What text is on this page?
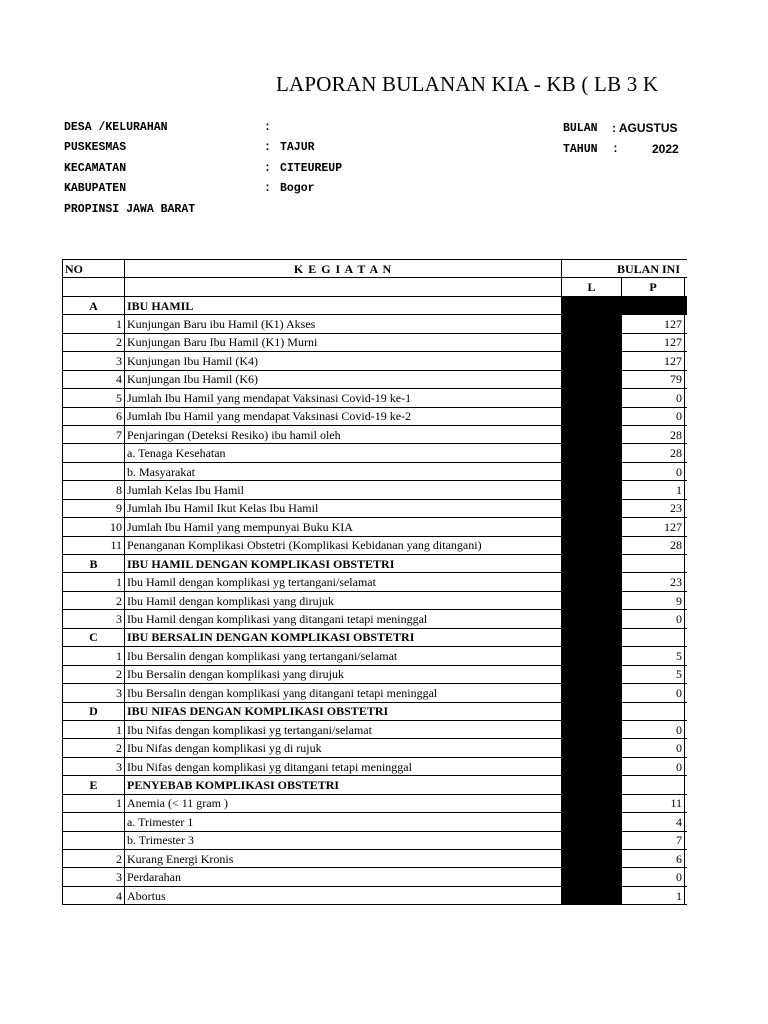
LAPORAN BULANAN KIA - KB ( LB 3 K
DESA /KELURAHAN	:
PUSKESMAS	: TAJUR
KECAMATAN	: CITEUREUP
KABUPATEN	: Bogor
PROPINSI JAWA BARAT
BULAN : AGUSTUS
TAHUN :	2022
NO	K E G I A T A N	BULAN INI		
		L	P	
A	IBU HAMIL			
1	Kunjungan Baru ibu Hamil (K1) Akses		127	
2	Kunjungan Baru Ibu Hamil (K1) Murni		127	
3	Kunjungan Ibu Hamil (K4)		127	
4	Kunjungan Ibu Hamil (K6)		79	
5	Jumlah Ibu Hamil yang mendapat Vaksinasi Covid-19 ke-1		0	
6	Jumlah Ibu Hamil yang mendapat Vaksinasi Covid-19 ke-2		0	
7	Penjaringan (Deteksi Resiko) ibu hamil oleh		28	
	a. Tenaga Kesehatan		28	
	b. Masyarakat		0	
8	Jumlah Kelas Ibu Hamil		1	
9	Jumlah Ibu Hamil Ikut Kelas Ibu Hamil		23	
10	Jumlah Ibu Hamil yang mempunyai Buku KIA		127	
11	Penanganan Komplikasi Obstetri (Komplikasi Kebidanan yang ditangani)		28	
B	IBU HAMIL DENGAN KOMPLIKASI OBSTETRI			
1	Ibu Hamil dengan komplikasi yg tertangani/selamat		23	
2	Ibu Hamil dengan komplikasi yang dirujuk		9	
3	Ibu Hamil dengan komplikasi yang ditangani tetapi meninggal		0	
C	IBU BERSALIN DENGAN KOMPLIKASI OBSTETRI			
1	Ibu Bersalin dengan komplikasi yang tertangani/selamat		5	
2	Ibu Bersalin dengan komplikasi yang dirujuk		5	
3	Ibu Bersalin dengan komplikasi yang ditangani tetapi meninggal		0	
D	IBU NIFAS DENGAN KOMPLIKASI OBSTETRI			
1	Ibu Nifas dengan komplikasi yg tertangani/selamat		0	
2	Ibu Nifas dengan komplikasi yg di rujuk		0	
3	Ibu Nifas dengan komplikasi yg ditangani tetapi meninggal		0	
E	PENYEBAB KOMPLIKASI OBSTETRI			
1	Anemia (< 11 gram )		11	
	a. Trimester 1		4	
	b. Trimester 3		7	
2	Kurang Energi Kronis		6	
3	Perdarahan		0	
4	Abortus		1	
